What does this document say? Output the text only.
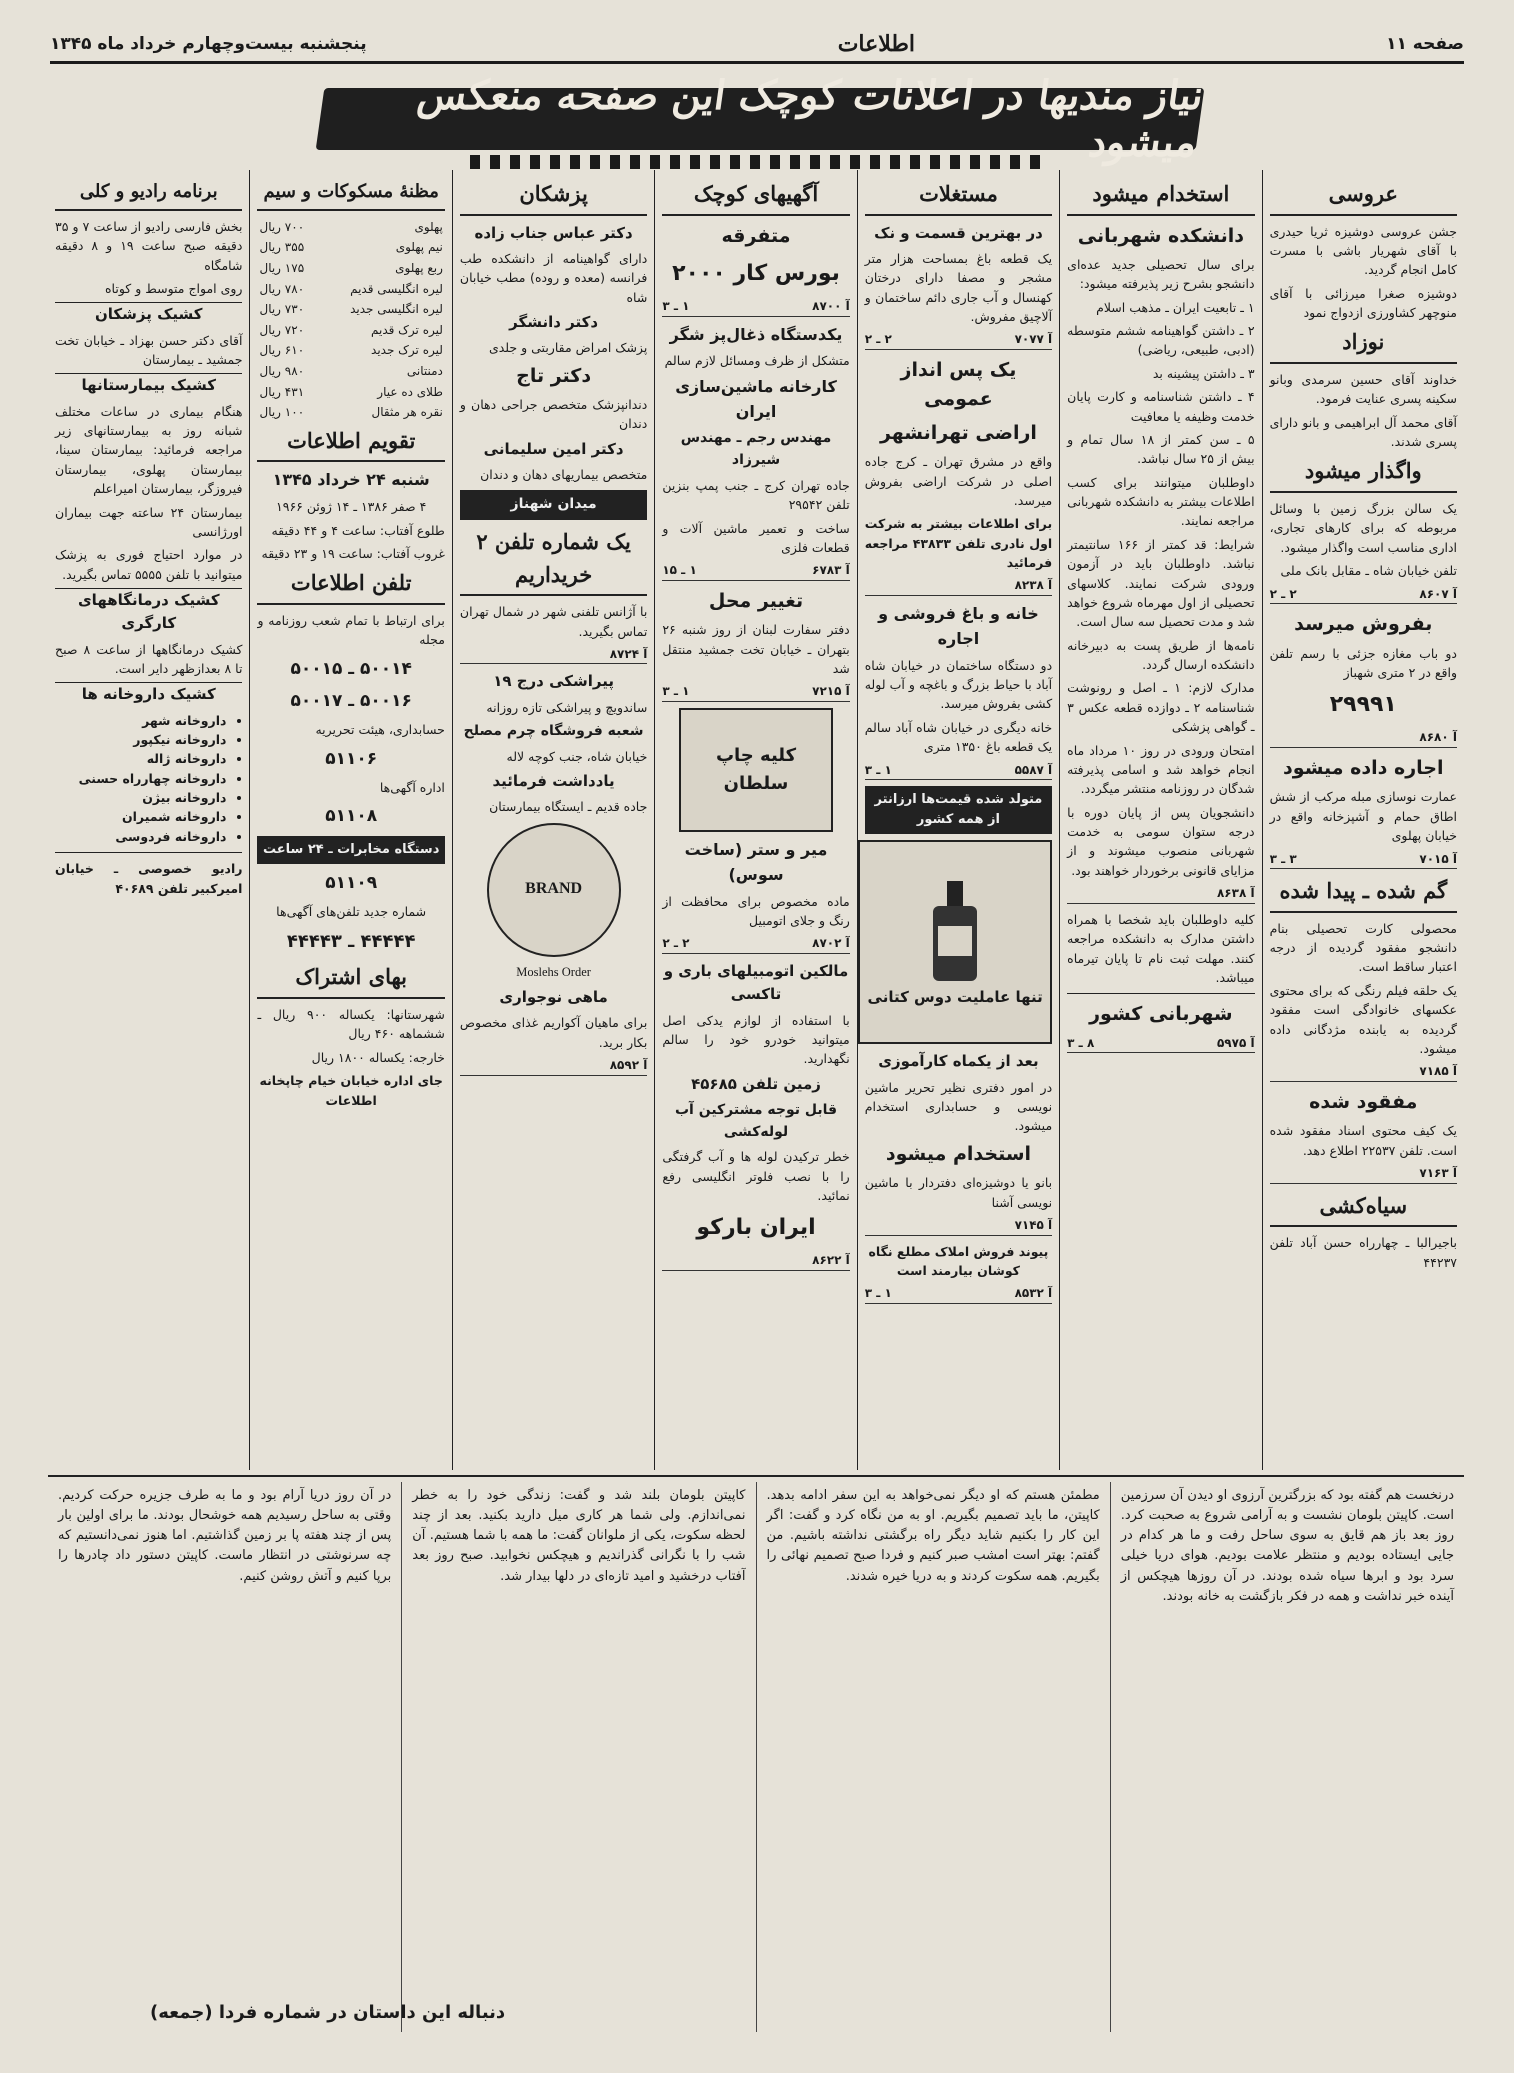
صفحه ۱۱
اطلاعات
پنجشنبه بیست‌وچهارم خرداد ماه ۱۳۴۵
نیاز مندیها در اعلانات کوچک این صفحه منعکس میشود
عروسی
جشن عروسی دوشیزه ثریا حیدری با آقای شهریار باشی با مسرت کامل انجام گردید.
دوشیزه صغرا میرزائی با آقای منوچهر کشاورزی ازدواج نمود
نوزاد
خداوند آقای حسین سرمدی وبانو سکینه پسری عنایت فرمود.
آقای محمد آل ابراهیمی و بانو دارای پسری شدند.
واگذار میشود
یک سالن بزرگ زمین با وسائل مربوطه که برای کارهای تجاری، اداری مناسب است واگذار میشود.
تلفن خیابان شاه ـ مقابل بانک ملی
آ ۸۶۰۷
۲ ـ ۲
بفروش میرسد
دو باب مغازه جزئی با رسم تلفن واقع در ۲ متری شهباز
۲۹۹۹۱
آ ۸۶۸۰
اجاره داده میشود
عمارت نوسازی مبله مرکب از شش اطاق حمام و آشپزخانه واقع در خیابان پهلوی
آ ۷۰۱۵
۳ ـ ۳
گم شده ـ پیدا شده
محصولی کارت تحصیلی بنام دانشجو مفقود گردیده از درجه اعتبار ساقط است.
یک حلقه فیلم رنگی که برای محتوی عکسهای خانوادگی است مفقود گردیده به یابنده مژدگانی داده میشود.
آ ۷۱۸۵
مفقود شده
یک کیف محتوی اسناد مفقود شده است. تلفن ۲۲۵۳۷ اطلاع دهد.
آ ۷۱۶۳
سیاه‌کشی
باجیرالبا ـ چهارراه حسن آباد تلفن ۴۴۲۳۷
استخدام میشود
دانشکده شهربانی
برای سال تحصیلی جدید عده‌ای دانشجو بشرح زیر پذیرفته میشود:
۱ ـ تابعیت ایران ـ مذهب اسلام
۲ ـ داشتن گواهینامه ششم متوسطه (ادبی، طبیعی، ریاضی)
۳ ـ داشتن پیشینه بد
۴ ـ داشتن شناسنامه و کارت پایان خدمت وظیفه یا معافیت
۵ ـ سن کمتر از ۱۸ سال تمام و بیش از ۲۵ سال نباشد.
داوطلبان میتوانند برای کسب اطلاعات بیشتر به دانشکده شهربانی مراجعه نمایند.
شرایط: قد کمتر از ۱۶۶ سانتیمتر نباشد. داوطلبان باید در آزمون ورودی شرکت نمایند. کلاسهای تحصیلی از اول مهرماه شروع خواهد شد و مدت تحصیل سه سال است.
نامه‌ها از طریق پست به دبیرخانه دانشکده ارسال گردد.
مدارک لازم: ۱ ـ اصل و رونوشت شناسنامه ۲ ـ دوازده قطعه عکس ۳ ـ گواهی پزشکی
امتحان ورودی در روز ۱۰ مرداد ماه انجام خواهد شد و اسامی پذیرفته شدگان در روزنامه منتشر میگردد.
دانشجویان پس از پایان دوره با درجه ستوان سومی به خدمت شهربانی منصوب میشوند و از مزایای قانونی برخوردار خواهند بود.
آ ۸۶۳۸
کلیه داوطلبان باید شخصا با همراه داشتن مدارک به دانشکده مراجعه کنند. مهلت ثبت نام تا پایان تیرماه میباشد.
شهربانی کشور
آ ۵۹۷۵
۸ ـ ۳
مستغلات
در بهترین قسمت و نک
یک قطعه باغ بمساحت هزار متر مشجر و مصفا دارای درختان کهنسال و آب جاری دائم ساختمان و آلاچیق مفروش.
آ ۷۰۷۷
۲ ـ ۲
یک پس انداز عمومی
اراضی تهرانشهر
واقع در مشرق تهران ـ کرج جاده اصلی در شرکت اراضی بفروش میرسد.
برای اطلاعات بیشتر به شرکت اول نادری تلفن ۴۳۸۳۳ مراجعه فرمائید
آ ۸۲۳۸
خانه و باغ فروشی و اجاره
دو دستگاه ساختمان در خیابان شاه آباد با حیاط بزرگ و باغچه و آب لوله کشی بفروش میرسد.
خانه دیگری در خیابان شاه آباد سالم یک قطعه باغ ۱۳۵۰ متری
آ ۵۵۸۷
۱ ـ ۳
متولد شده قیمت‌ها ارزانتر از همه کشور
تنها عاملیت دوس کتانی
بعد از یکماه کارآموزی
در امور دفتری نظیر تحریر ماشین نویسی و حسابداری استخدام میشود.
استخدام میشود
بانو یا دوشیزه‌ای دفتردار با ماشین نویسی آشنا
آ ۷۱۴۵
پیوند فروش املاک مطلع نگاه کوشان بیارمند است
آ ۸۵۳۲
۱ ـ ۳
آگهیهای کوچک
متفرقه
بورس کار ۲۰۰۰
آ ۸۷۰۰
۱ ـ ۳
یکدستگاه ذغال‌پز شگر
متشکل از ظرف ومسائل لازم سالم
کارخانه ماشین‌سازی ایران
مهندس رجم ـ مهندس شیرزاد
جاده تهران کرج ـ جنب پمپ بنزین تلفن ۲۹۵۴۲
ساخت و تعمیر ماشین آلات و قطعات فلزی
آ ۶۷۸۳
۱ ـ ۱۵
تغییر محل
دفتر سفارت لبنان از روز شنبه ۲۶ بتهران ـ خیابان تخت جمشید منتقل شد
آ ۷۲۱۵
۱ ـ ۳
کلیه چاپ سلطان
میر و ستر (ساخت سوس)
ماده مخصوص برای محافظت از رنگ و جلای اتومبیل
آ ۸۷۰۲
۲ ـ ۲
مالکین اتومبیلهای باری و تاکسی
با استفاده از لوازم یدکی اصل میتوانید خودرو خود را سالم نگهدارید.
زمین تلفن ۴۵۶۸۵
قابل توجه مشترکین آب لوله‌کشی
خطر ترکیدن لوله ها و آب گرفتگی را با نصب فلوتر انگلیسی رفع نمائید.
ایران بارکو
آ ۸۶۲۲
پزشکان
دکتر عباس جناب زاده
دارای گواهینامه از دانشکده طب فرانسه (معده و روده) مطب خیابان شاه
دکتر دانشگر
پزشک امراض مقاربتی و جلدی
دکتر تاج
دندانپزشک متخصص جراحی دهان و دندان
دکتر امین سلیمانی
متخصص بیماریهای دهان و دندان
میدان شهناز
یک شماره تلفن ۲ خریداریم
با آژانس تلفنی شهر در شمال تهران تماس بگیرید.
آ ۸۷۲۴
پیراشکی درج ۱۹
ساندویچ و پیراشکی تازه روزانه
شعبه فروشگاه چرم مصلح
خیابان شاه، جنب کوچه لاله
یادداشت فرمائید
جاده قدیم ـ ایستگاه بیمارستان
BRAND
Moslehs Order
ماهی نوجواری
برای ماهیان آکواریم غذای مخصوص بکار برید.
آ ۸۵۹۲
مظنهٔ مسکوکات و سیم
پهلوی	۷۰۰ ریال
نیم پهلوی	۳۵۵ ریال
ربع پهلوی	۱۷۵ ریال
لیره انگلیسی قدیم	۷۸۰ ریال
لیره انگلیسی جدید	۷۳۰ ریال
لیره ترک قدیم	۷۲۰ ریال
لیره ترک جدید	۶۱۰ ریال
دمنتانی	۹۸۰ ریال
طلای ده عیار	۴۳۱ ریال
نقره هر مثقال	۱۰۰ ریال
تقویم اطلاعات
شنبه ۲۴ خرداد ۱۳۴۵
۴ صفر ۱۳۸۶ ـ ۱۴ ژوئن ۱۹۶۶
طلوع آفتاب: ساعت ۴ و ۴۴ دقیقه
غروب آفتاب: ساعت ۱۹ و ۲۳ دقیقه
تلفن اطلاعات
برای ارتباط با تمام شعب روزنامه و مجله
۵۰۰۱۴ ـ ۵۰۰۱۵
۵۰۰۱۶ ـ ۵۰۰۱۷
حسابداری، هیئت تحریریه
۵۱۱۰۶
اداره آگهی‌ها
۵۱۱۰۸
دستگاه مخابرات ـ ۲۴ ساعت
۵۱۱۰۹
شماره جدید تلفن‌های آگهی‌ها
۴۴۴۴۴ ـ ۴۴۴۴۳
بهای اشتراک
شهرستانها: یکساله ۹۰۰ ریال ـ ششماهه ۴۶۰ ریال
خارجه: یکساله ۱۸۰۰ ریال
جای اداره خیابان خیام چاپخانه اطلاعات
برنامه رادیو و کلی
بخش فارسی رادیو از ساعت ۷ و ۳۵ دقیقه صبح ساعت ۱۹ و ۸ دقیقه شامگاه
روی امواج متوسط و کوتاه
کشیک پزشکان
آقای دکتر حسن بهزاد ـ خیابان تخت جمشید ـ بیمارستان
کشیک بیمارستانها
هنگام بیماری در ساعات مختلف شبانه روز به بیمارستانهای زیر مراجعه فرمائید: بیمارستان سینا، بیمارستان پهلوی، بیمارستان فیروزگر، بیمارستان امیراعلم
بیمارستان ۲۴ ساعته جهت بیماران اورژانسی
در موارد احتیاج فوری به پزشک میتوانید با تلفن ۵۵۵۵ تماس بگیرید.
کشیک درمانگاههای کارگری
کشیک درمانگاهها از ساعت ۸ صبح تا ۸ بعدازظهر دایر است.
کشیک داروخانه ها
• داروخانه شهر
• داروخانه نیکپور
• داروخانه ژاله
• داروخانه چهارراه حسنی
• داروخانه بیژن
• داروخانه شمیران
• داروخانه فردوسی
رادیو خصوصی ـ خیابان امیرکبیر تلفن ۴۰۶۸۹
درنخست هم گفته بود که بزرگترین آرزوی او دیدن آن سرزمین است. کاپیتن بلومان نشست و به آرامی شروع به صحبت کرد. روز بعد باز هم قایق به سوی ساحل رفت و ما هر کدام در جایی ایستاده بودیم و منتظر علامت بودیم. هوای دریا خیلی سرد بود و ابرها سیاه شده بودند. در آن روزها هیچکس از آینده خبر نداشت و همه در فکر بازگشت به خانه بودند.
مطمئن هستم که او دیگر نمی‌خواهد به این سفر ادامه بدهد. کاپیتن، ما باید تصمیم بگیریم. او به من نگاه کرد و گفت: اگر این کار را بکنیم شاید دیگر راه برگشتی نداشته باشیم. من گفتم: بهتر است امشب صبر کنیم و فردا صبح تصمیم نهائی را بگیریم. همه سکوت کردند و به دریا خیره شدند.
کاپیتن بلومان بلند شد و گفت: زندگی خود را به خطر نمی‌اندازم. ولی شما هر کاری میل دارید بکنید. بعد از چند لحظه سکوت، یکی از ملوانان گفت: ما همه با شما هستیم. آن شب را با نگرانی گذراندیم و هیچکس نخوابید. صبح روز بعد آفتاب درخشید و امید تازه‌ای در دلها بیدار شد.
در آن روز دریا آرام بود و ما به طرف جزیره حرکت کردیم. وقتی به ساحل رسیدیم همه خوشحال بودند. ما برای اولین بار پس از چند هفته پا بر زمین گذاشتیم. اما هنوز نمی‌دانستیم که چه سرنوشتی در انتظار ماست. کاپیتن دستور داد چادرها را برپا کنیم و آتش روشن کنیم.
دنباله این داستان در شماره فردا (جمعه)
